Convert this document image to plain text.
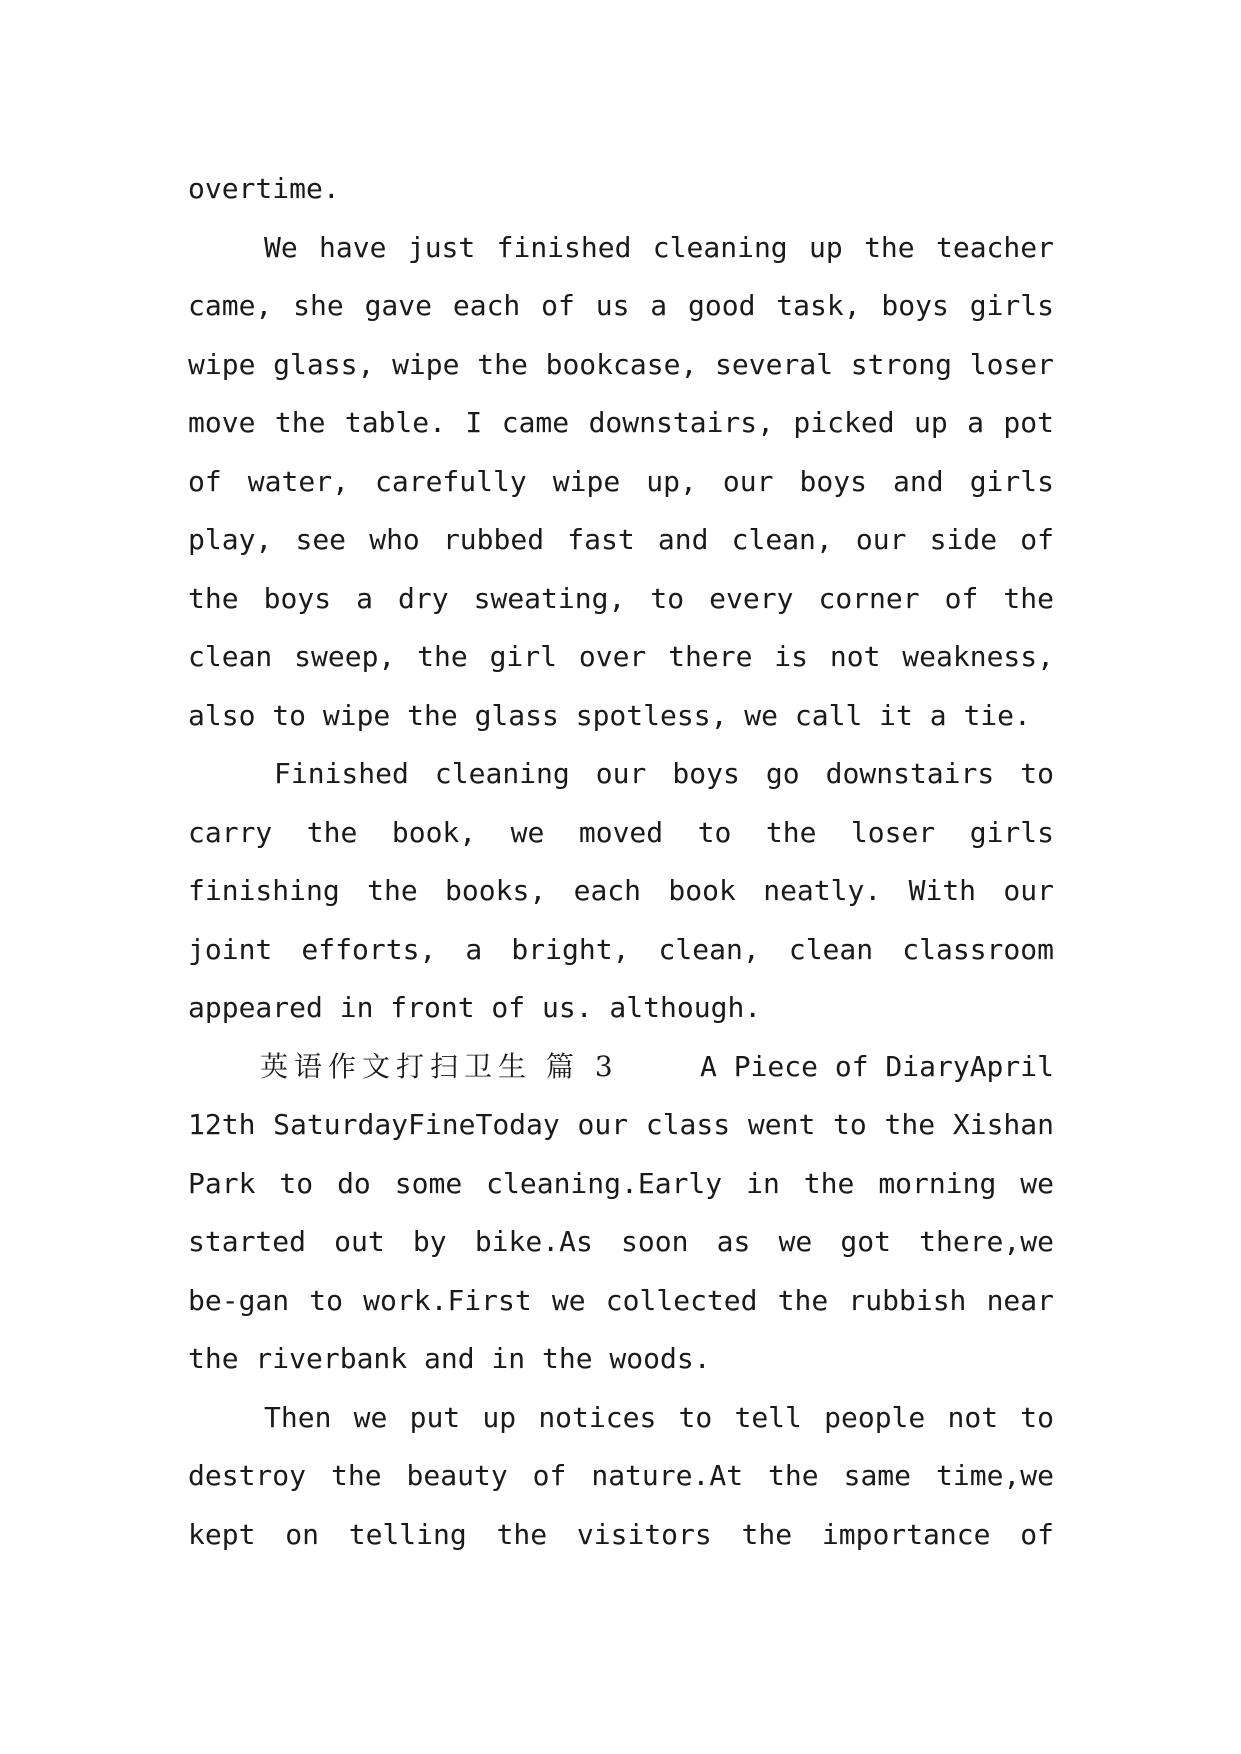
overtime.
We have just finished cleaning up the teacher
came, she gave each of us a good task, boys girls
wipe glass, wipe the bookcase, several strong loser
move the table. I came downstairs, picked up a pot
of water, carefully wipe up, our boys and girls
play, see who rubbed fast and clean, our side of
the boys a dry sweating, to every corner of the
clean sweep, the girl over there is not weakness,
also to wipe the glass spotless, we call it a tie.
Finished cleaning our boys go downstairs to
carry the book, we moved to the loser girls
finishing the books, each book neatly. With our
joint efforts, a bright, clean, clean classroom
appeared in front of us. although.
英语作文打扫卫生 篇 3	A Piece of DiaryApril
12th SaturdayFineToday our class went to the Xishan
Park to do some cleaning.Early in the morning we
started out by bike.As soon as we got there,we
be-gan to work.First we collected the rubbish near
the riverbank and in the woods.
Then we put up notices to tell people not to
destroy the beauty of nature.At the same time,we
kept on telling the visitors the importance of
